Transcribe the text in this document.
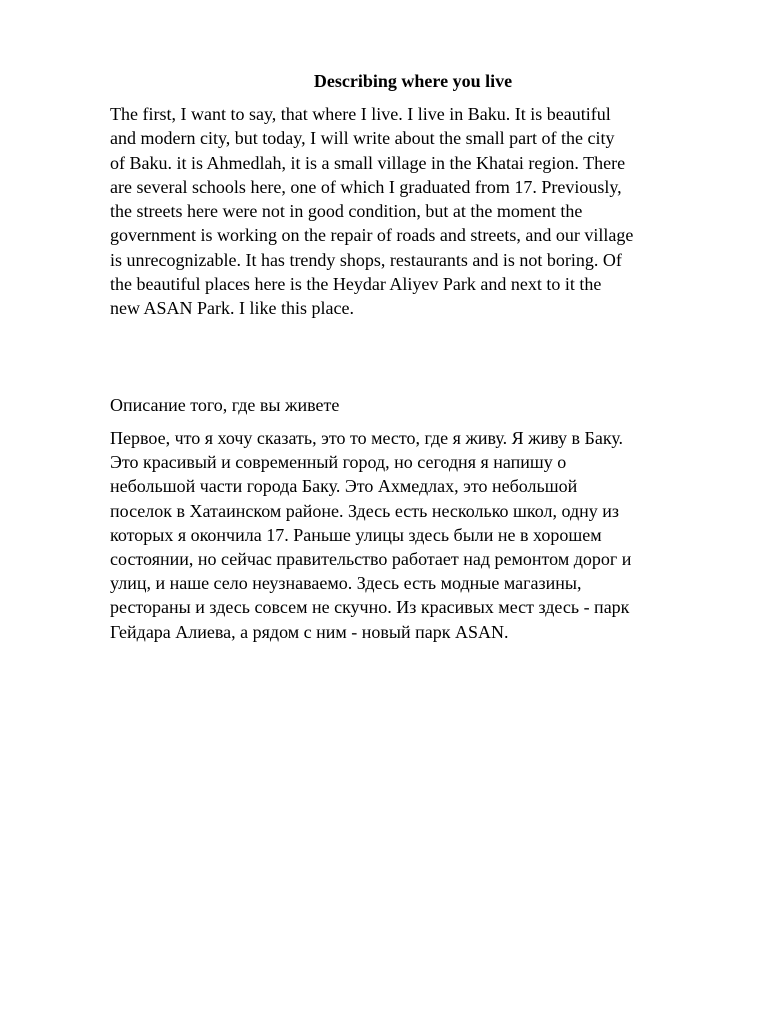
Describing where you live

The first, I want to say, that where I live. I live in Baku. It is beautiful
and modern city, but today, I will write about the small part of the city
of Baku. it is Ahmedlah, it is a small village in the Khatai region. There
are several schools here, one of which I graduated from 17. Previously,
the streets here were not in good condition, but at the moment the
government is working on the repair of roads and streets, and our village
is unrecognizable. It has trendy shops, restaurants and is not boring. Of
the beautiful places here is the Heydar Aliyev Park and next to it the
new ASAN Park. I like this place.

Описание того, где вы живете

Первое, что я хочу сказать, это то место, где я живу. Я живу в Баку.
Это красивый и современный город, но сегодня я напишу о
небольшой части города Баку. Это Ахмедлах, это небольшой
поселок в Хатаинском районе. Здесь есть несколько школ, одну из
которых я окончила 17. Раньше улицы здесь были не в хорошем
состоянии, но сейчас правительство работает над ремонтом дорог и
улиц, и наше село неузнаваемо. Здесь есть модные магазины,
рестораны и здесь совсем не скучно. Из красивых мест здесь - парк
Гейдара Алиева, а рядом с ним - новый парк ASAN.
